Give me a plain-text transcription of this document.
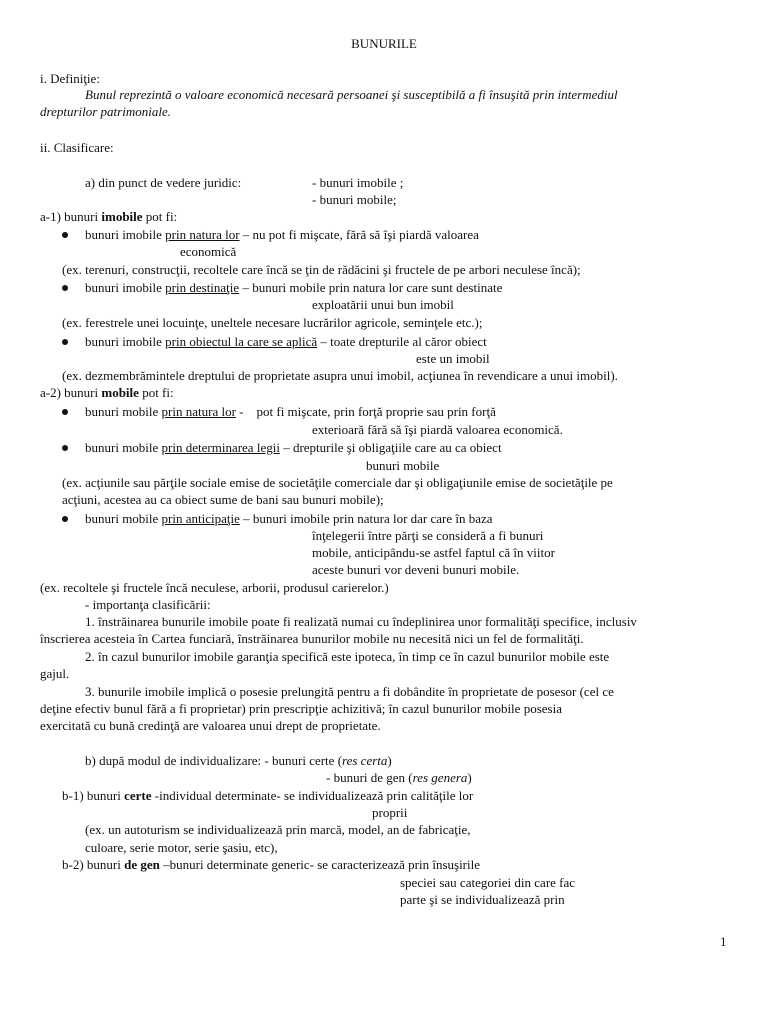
BUNURILE
i. Definiţie:
Bunul reprezintă o valoare economică necesară persoanei şi susceptibilă a fi însuşită prin intermediul
drepturilor patrimoniale.
ii. Clasificare:
a) din punct de vedere juridic:	- bunuri imobile ;
- bunuri mobile;
a-1) bunuri imobile pot fi:
bunuri imobile prin natura lor – nu pot fi mişcate, fără să îşi piardă valoarea
economică
(ex. terenuri, construcţii, recoltele care încă se ţin de rădăcini şi fructele de pe arbori neculese încă);
bunuri imobile prin destinaţie – bunuri mobile prin natura lor care sunt destinate
exploatării unui bun imobil
(ex. ferestrele unei locuinţe, uneltele necesare lucrărilor agricole, seminţele etc.);
bunuri imobile prin obiectul la care se aplică – toate drepturile al căror obiect
este un imobil
(ex. dezmembrămintele dreptului de proprietate asupra unui imobil, acţiunea în revendicare a unui imobil).
a-2) bunuri mobile pot fi:
bunuri mobile prin natura lor -    pot fi mişcate, prin forţă proprie sau prin forţă
exterioară fără să îşi piardă valoarea economică.
bunuri mobile prin determinarea legii – drepturile şi obligaţiile care au ca obiect
bunuri mobile
(ex. acţiunile sau părţile sociale emise de societăţile comerciale dar şi obligaţiunile emise de societăţile pe
acţiuni, acestea au ca obiect sume de bani sau bunuri mobile);
bunuri mobile prin anticipaţie – bunuri imobile prin natura lor dar care în baza
înţelegerii între părţi se consideră a fi bunuri
mobile, anticipându-se astfel faptul că în viitor
aceste bunuri vor deveni bunuri mobile.
(ex. recoltele şi fructele încă neculese, arborii, produsul carierelor.)
- importanţa clasificării:
1. înstrăinarea bunurile imobile poate fi realizată numai cu îndeplinirea unor formalităţi specifice, inclusiv
înscrierea acesteia în Cartea funciară, înstrăinarea bunurilor mobile nu necesită nici un fel de formalităţi.
2. în cazul bunurilor imobile garanţia specifică este ipoteca, în timp ce în cazul bunurilor mobile este
gajul.
3. bunurile imobile implică o posesie prelungită pentru a fi dobândite în proprietate de posesor (cel ce
deţine efectiv bunul fără a fi proprietar) prin prescripţie achizitivă; în cazul bunurilor mobile posesia
exercitată cu bună credinţă are valoarea unui drept de proprietate.
b) după modul de individualizare: - bunuri certe (res certa)
- bunuri de gen (res genera)
b-1) bunuri certe -individual determinate- se individualizează prin calităţile lor
proprii
(ex. un autoturism se individualizează prin marcă, model, an de fabricaţie,
culoare, serie motor, serie şasiu, etc),
b-2) bunuri de gen –bunuri determinate generic- se caracterizează prin însuşirile
speciei sau categoriei din care fac
parte şi se individualizează prin
1
